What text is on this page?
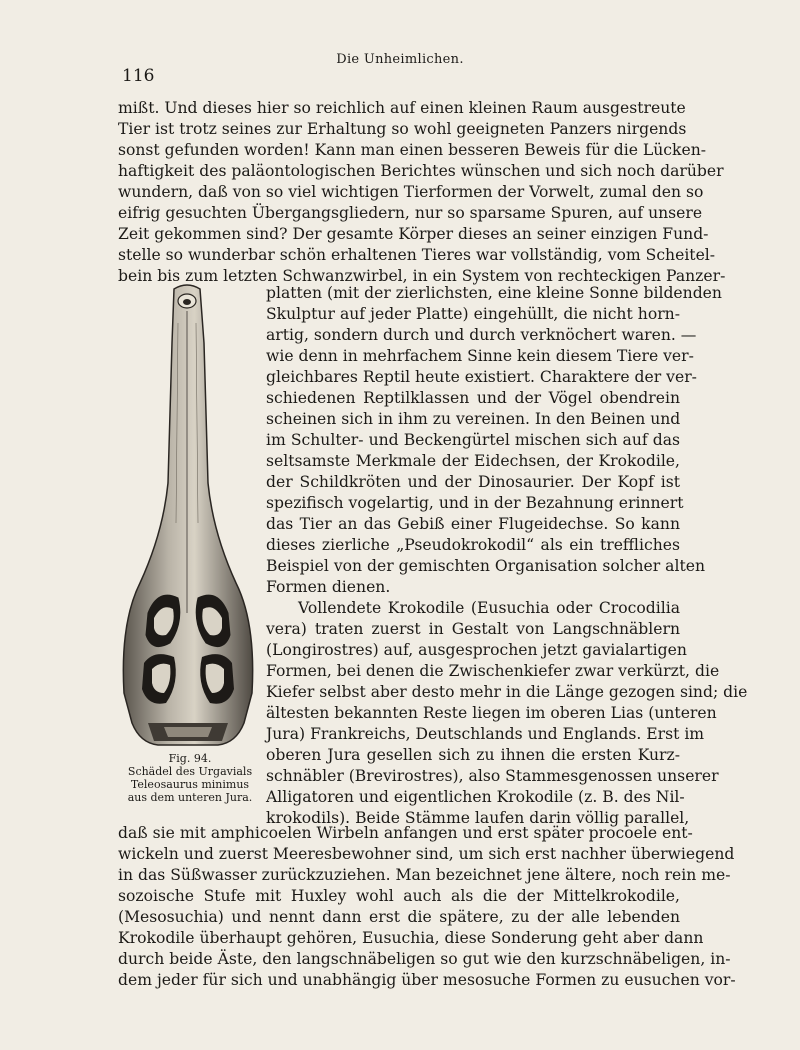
Die Unheimlichen.
116
mißt. Und dieses hier so reichlich auf einen kleinen Raum ausgestreute
Tier ist trotz seines zur Erhaltung so wohl geeigneten Panzers nirgends
sonst gefunden worden! Kann man einen besseren Beweis für die Lücken-
haftigkeit des paläontologischen Berichtes wünschen und sich noch darüber
wundern, daß von so viel wichtigen Tierformen der Vorwelt, zumal den so
eifrig gesuchten Übergangsgliedern, nur so sparsame Spuren, auf unsere
Zeit gekommen sind? Der gesamte Körper dieses an seiner einzigen Fund-
stelle so wunderbar schön erhaltenen Tieres war vollständig, vom Scheitel-
bein bis zum letzten Schwanzwirbel, in ein System von rechteckigen Panzer-
Fig. 94.
Schädel des Urgavials
Teleosaurus minimus
aus dem unteren Jura.
platten (mit der zierlichsten, eine kleine Sonne bildenden
Skulptur auf jeder Platte) eingehüllt, die nicht horn-
artig, sondern durch und durch verknöchert waren. —
wie denn in mehrfachem Sinne kein diesem Tiere ver-
gleichbares Reptil heute existiert. Charaktere der ver-
schiedenen Reptilklassen und der Vögel obendrein
scheinen sich in ihm zu vereinen. In den Beinen und
im Schulter- und Beckengürtel mischen sich auf das
seltsamste Merkmale der Eidechsen, der Krokodile,
der Schildkröten und der Dinosaurier. Der Kopf ist
spezifisch vogelartig, und in der Bezahnung erinnert
das Tier an das Gebiß einer Flugeidechse. So kann
dieses zierliche „Pseudokrokodil“ als ein treffliches
Beispiel von der gemischten Organisation solcher alten
Formen dienen.
Vollendete Krokodile (Eusuchia oder Crocodilia
vera) traten zuerst in Gestalt von Langschnäblern
(Longirostres) auf, ausgesprochen jetzt gavialartigen
Formen, bei denen die Zwischenkiefer zwar verkürzt, die
Kiefer selbst aber desto mehr in die Länge gezogen sind; die
ältesten bekannten Reste liegen im oberen Lias (unteren
Jura) Frankreichs, Deutschlands und Englands. Erst im
oberen Jura gesellen sich zu ihnen die ersten Kurz-
schnäbler (Brevirostres), also Stammesgenossen unserer
Alligatoren und eigentlichen Krokodile (z. B. des Nil-
krokodils). Beide Stämme laufen darin völlig parallel,
daß sie mit amphicoelen Wirbeln anfangen und erst später procoele ent-
wickeln und zuerst Meeresbewohner sind, um sich erst nachher überwiegend
in das Süßwasser zurückzuziehen. Man bezeichnet jene ältere, noch rein me-
sozoische Stufe mit Huxley wohl auch als die der Mittelkrokodile,
(Mesosuchia) und nennt dann erst die spätere, zu der alle lebenden
Krokodile überhaupt gehören, Eusuchia, diese Sonderung geht aber dann
durch beide Äste, den langschnäbeligen so gut wie den kurzschnäbeligen, in-
dem jeder für sich und unabhängig über mesosuche Formen zu eusuchen vor-
